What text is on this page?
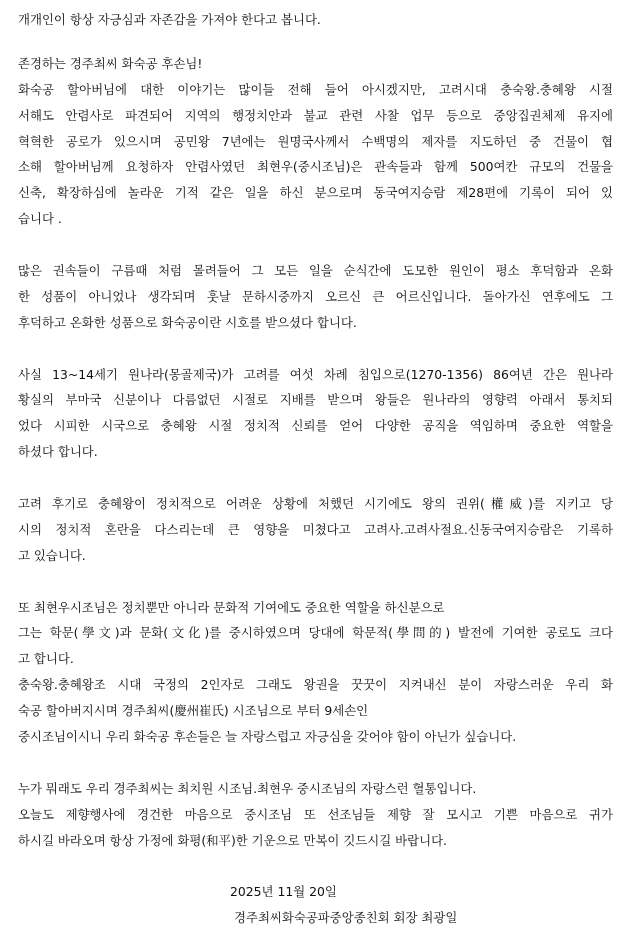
개개인이 항상 자긍심과 자존감을 가져야 한다고 봅니다.
존경하는 경주최씨 화숙공 후손님!
화숙공 할아버님에 대한 이야기는 많이들 전해 들어 아시겠지만, 고려시대 충숙왕.충혜왕 시절
서해도 안렴사로 파견되어 지역의 행정치안과 불교 관련 사찰 업무 등으로 중앙집권체제 유지에
혁혁한 공로가 있으시며 공민왕 7년에는 원명국사께서 수백명의 제자를 지도하던 중 건물이 협
소해 할아버님께 요청하자 안렴사였던 최현우(중시조님)은 관속들과 함께 500여칸 규모의 건물을
신축, 확장하심에 놀라운 기적 같은 일을 하신 분으로며 동국여지승람 제28편에 기록이 되어 있
습니다 .
많은 권속들이 구름때 처럼 몰려들어 그 모든 일을 순식간에 도모한 원인이 평소 후덕함과 온화
한 성품이 아니었나 생각되며 훗날 문하시중까지 오르신 큰 어르신입니다. 돌아가신 연후에도 그
후덕하고 온화한 성품으로 화숙공이란 시호를 받으셨다 합니다.
사실 13~14세기 원나라(몽골제국)가 고려를 여섯 차례 침입으로(1270-1356) 86여년 간은 원나라
황실의 부마국 신분이나 다름없던 시절로 지배를 받으며 왕들은 원나라의 영향력 아래서 통치되
었다 시피한 시국으로 충혜왕 시절 정치적 신뢰를 얻어 다양한 공직을 역임하며 중요한 역할을
하셨다 합니다.
고려 후기로 충혜왕이 정치적으로 어려운 상황에 처했던 시기에도 왕의 권위(權威)를 지키고 당
시의 정치적 혼란을 다스리는데 큰 영향을 미쳤다고 고려사.고려사절요.신동국여지승람은 기록하
고 있습니다.
또 최현우시조님은 정치뿐만 아니라 문화적 기여에도 중요한 역할을 하신분으로
그는 학문(學文)과 문화(文化)를 중시하였으며 당대에 학문적(學問的) 발전에 기여한 공로도 크다
고 합니다.
충숙왕.충혜왕조 시대 국정의 2인자로 그래도 왕권을 꿋꿋이 지켜내신 분이 자랑스러운 우리 화
숙공 할아버지시며 경주최씨(慶州崔氏) 시조님으로 부터 9세손인
중시조님이시니 우리 화숙공 후손들은 늘 자랑스럽고 자긍심을 갖어야 함이 아닌가 싶습니다.
누가 뭐래도 우리 경주최씨는 최치원 시조님.최현우 중시조님의 자랑스런 혈통입니다.
오늘도 제향행사에 경건한 마음으로 중시조님 또 선조님들 제향 잘 모시고 기쁜 마음으로 귀가
하시길 바라오며 항상 가정에 화평(和平)한 기운으로 만복이 깃드시길 바랍니다.
2025년 11월 20일
경주최씨화숙공파중앙종친회 회장 최광일
